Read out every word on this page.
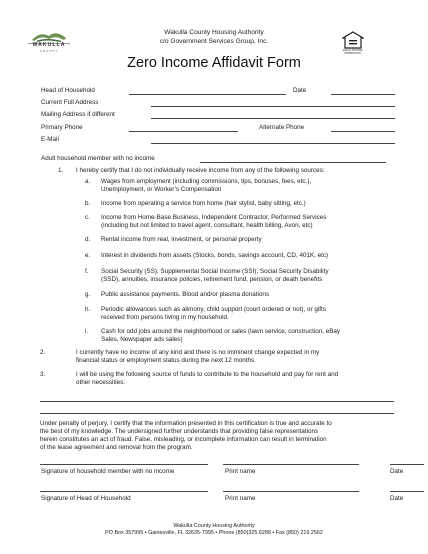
WAKULLA
COUNTY
Wakulla County Housing Authority
c/o Government Services Group, Inc.
EQUAL HOUSING OPPORTUNITY
Zero Income Affidavit Form
Head of Household	Date
Current Full Address
Mailing Address if different
Primary Phone	Alternate Phone
E-Mail
Adult household member with no income
1. I hereby certify that I do not individually receive income from any of the following sources:
a. Wages from employment (including commissions, tips, bonuses, fees, etc.),
Unemployment, or Worker’s Compensation
b. Income from operating a service from home (hair stylist, baby sitting, etc.)
c. Income from Home-Base Business, Independent Contractor, Performed Services
(including but not limited to travel agent, consultant, health billing, Avon, etc)
d. Rental income from real, investment, or personal property
e. Interest in dividends from assets (Stocks, bonds, savings account, CD, 401K, etc)
f. Social Security (SS), Supplemental Social Income (SSI), Social Security Disability
(SSD), annuities, insurance policies, retirement fund, pension, or death benefits
g. Public assistance payments. Blood and/or plasma donations
h. Periodic allowances such as alimony, child support (court ordered or not), or gifts
received from persons living in my household.
i. Cash for odd jobs around the neighborhood or sales (lawn service, construction, eBay
Sales, Newspaper ads sales)
2.	I currently have no income of any kind and there is no imminent change expected in my
financial status or employment status during the next 12 months.
3.	I will be using the following source of funds to contribute to the household and pay for rent and
other necessities:
Under penalty of perjury, I certify that the information presented in this certification is true and accurate to
the best of my knowledge. The undersigned further understands that providing false representations
herein constitutes an act of fraud. False, misleading, or incomplete information can result in termination
of the lease agreement and removal from the program.
Signature of household member with no income	Print name	Date
Signature of Head of Household	Print name	Date
Wakulla County Housing Authority
PO Box 357995 • Gainesville, FL 32635-7995 • Phone (850)325.6288 • Fax (850) 219.2562
